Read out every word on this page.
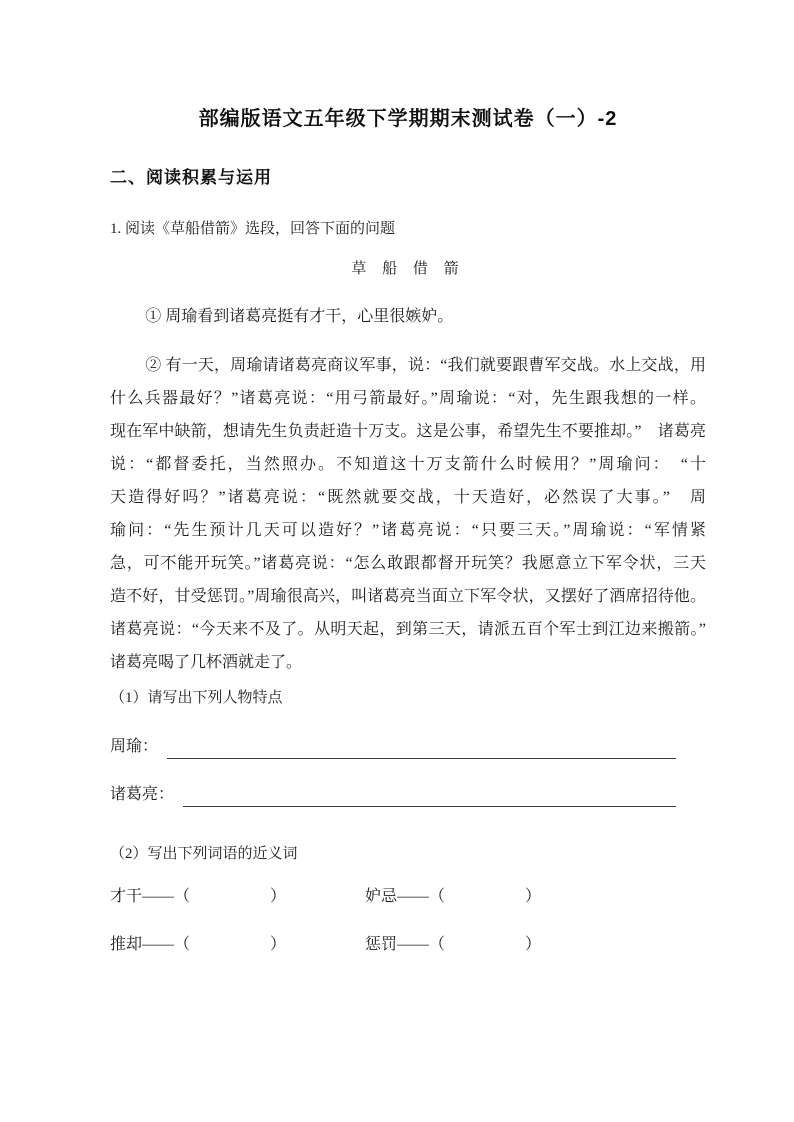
部编版语文五年级下学期期末测试卷（一）-2
二、阅读积累与运用
1. 阅读《草船借箭》选段，回答下面的问题
草 船 借 箭
① 周瑜看到诸葛亮挺有才干，心里很嫉妒。
② 有一天，周瑜请诸葛亮商议军事，说：“我们就要跟曹军交战。水上交战，用
什么兵器最好？”诸葛亮说：“用弓箭最好。”周瑜说：“对，先生跟我想的一样。
现在军中缺箭，想请先生负责赶造十万支。这是公事，希望先生不要推却。”　诸葛亮
说：“都督委托，当然照办。不知道这十万支箭什么时候用？”周瑜问：　“十
天造得好吗？”诸葛亮说：“既然就要交战，十天造好，必然误了大事。”　周
瑜问：“先生预计几天可以造好？”诸葛亮说：“只要三天。”周瑜说：“军情紧
急，可不能开玩笑。”诸葛亮说：“怎么敢跟都督开玩笑？我愿意立下军令状，三天
造不好，甘受惩罚。”周瑜很高兴，叫诸葛亮当面立下军令状，又摆好了酒席招待他。
诸葛亮说：“今天来不及了。从明天起，到第三天，请派五百个军士到江边来搬箭。”
诸葛亮喝了几杯酒就走了。
（1）请写出下列人物特点
周瑜：
诸葛亮：
（2）写出下列词语的近义词
才干——（　　　　　）	妒忌——（　　　　　）
推却——（　　　　　）	惩罚——（　　　　　）
